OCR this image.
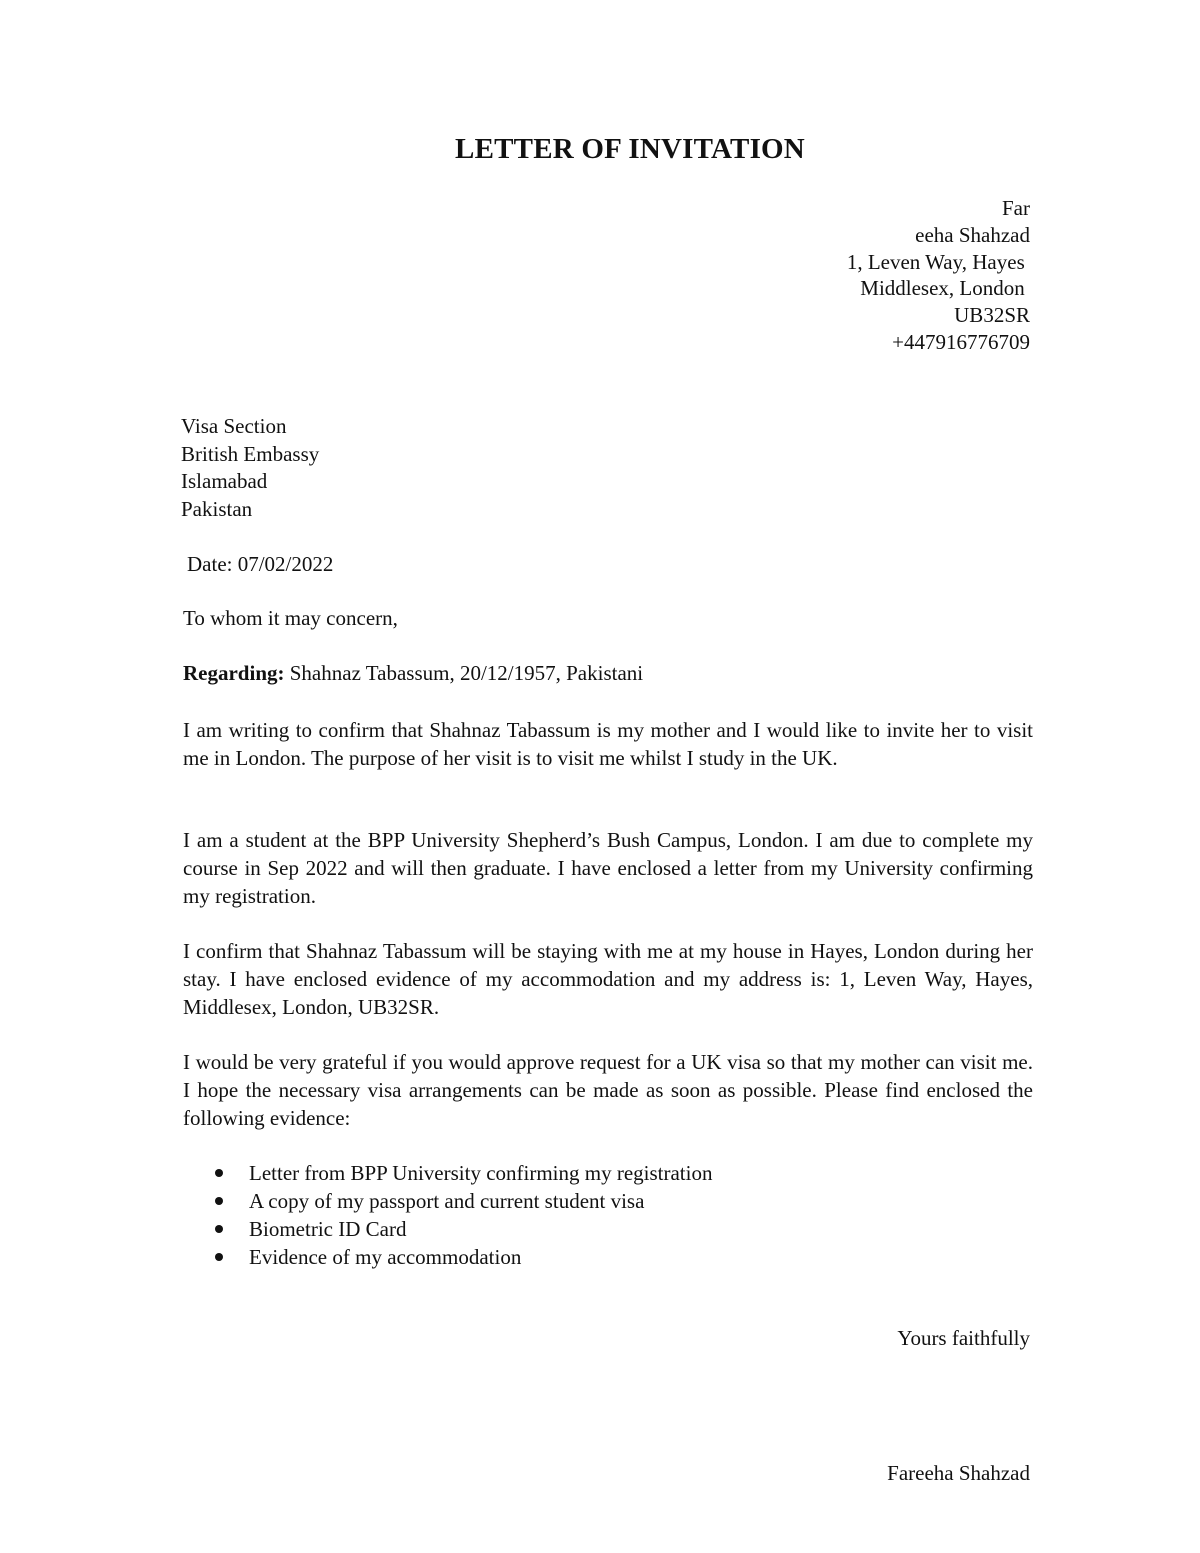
LETTER OF INVITATION
Far
eeha Shahzad
1, Leven Way, Hayes
Middlesex, London
UB32SR
+447916776709
Visa Section
British Embassy
Islamabad
Pakistan
Date: 07/02/2022
To whom it may concern,
Regarding: Shahnaz Tabassum, 20/12/1957, Pakistani
I am writing to confirm that Shahnaz Tabassum is my mother and I would like to invite her to visit me in London. The purpose of her visit is to visit me whilst I study in the UK.
I am a student at the BPP University Shepherd’s Bush Campus, London. I am due to complete my course in Sep 2022 and will then graduate. I have enclosed a letter from my University confirming my registration.
I confirm that Shahnaz Tabassum will be staying with me at my house in Hayes, London during her stay. I have enclosed evidence of my accommodation and my address is: 1, Leven Way, Hayes, Middlesex, London, UB32SR.
I would be very grateful if you would approve request for a UK visa so that my mother can visit me. I hope the necessary visa arrangements can be made as soon as possible. Please find enclosed the following evidence:
Letter from BPP University confirming my registration
A copy of my passport and current student visa
Biometric ID Card
Evidence of my accommodation
Yours faithfully
Fareeha Shahzad
